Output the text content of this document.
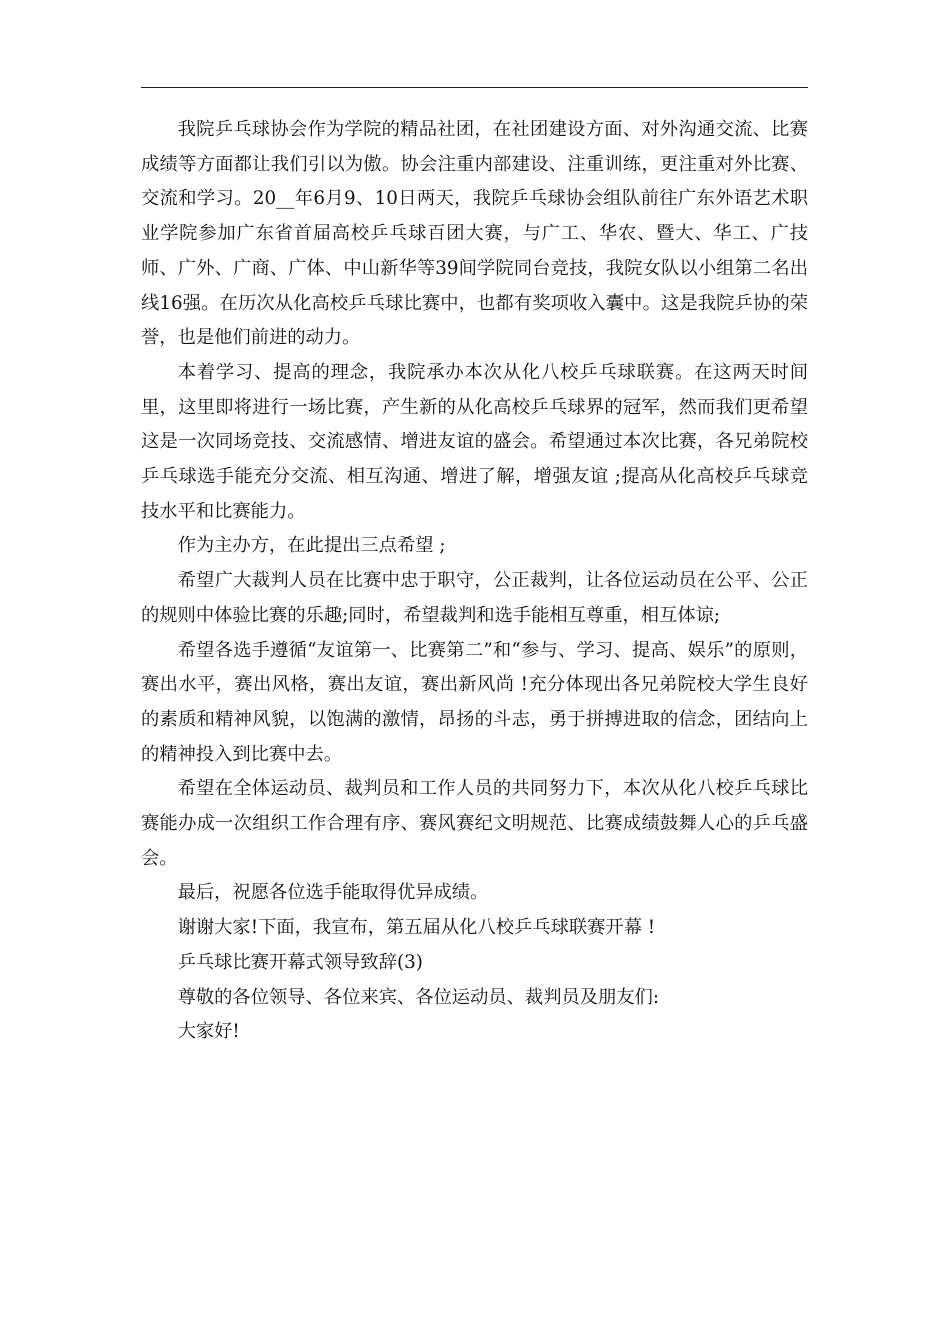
我院乒乓球协会作为学院的精品社团，在社团建设方面、对外沟通交流、比赛成绩等方面都让我们引以为傲。协会注重内部建设、注重训练，更注重对外比赛、交流和学习。20__年6月9、10日两天，我院乒乓球协会组队前往广东外语艺术职业学院参加广东省首届高校乒乓球百团大赛，与广工、华农、暨大、华工、广技师、广外、广商、广体、中山新华等39间学院同台竞技，我院女队以小组第二名出线16强。在历次从化高校乒乓球比赛中，也都有奖项收入囊中。这是我院乒协的荣誉，也是他们前进的动力。

本着学习、提高的理念，我院承办本次从化八校乒乓球联赛。在这两天时间里，这里即将进行一场比赛，产生新的从化高校乒乓球界的冠军，然而我们更希望这是一次同场竞技、交流感情、增进友谊的盛会。希望通过本次比赛，各兄弟院校乒乓球选手能充分交流、相互沟通、增进了解，增强友谊 ;提高从化高校乒乓球竞技水平和比赛能力。

作为主办方，在此提出三点希望 ;

希望广大裁判人员在比赛中忠于职守，公正裁判，让各位运动员在公平、公正的规则中体验比赛的乐趣;同时，希望裁判和选手能相互尊重，相互体谅;

希望各选手遵循“友谊第一、比赛第二”和“参与、学习、提高、娱乐”的原则，赛出水平，赛出风格，赛出友谊，赛出新风尚 !充分体现出各兄弟院校大学生良好的素质和精神风貌，以饱满的激情，昂扬的斗志，勇于拼搏进取的信念，团结向上的精神投入到比赛中去。

希望在全体运动员、裁判员和工作人员的共同努力下，本次从化八校乒乓球比赛能办成一次组织工作合理有序、赛风赛纪文明规范、比赛成绩鼓舞人心的乒乓盛会。

最后，祝愿各位选手能取得优异成绩。

谢谢大家!下面，我宣布，第五届从化八校乒乓球联赛开幕 !

乒乓球比赛开幕式领导致辞(3)

尊敬的各位领导、各位来宾、各位运动员、裁判员及朋友们:

大家好!
